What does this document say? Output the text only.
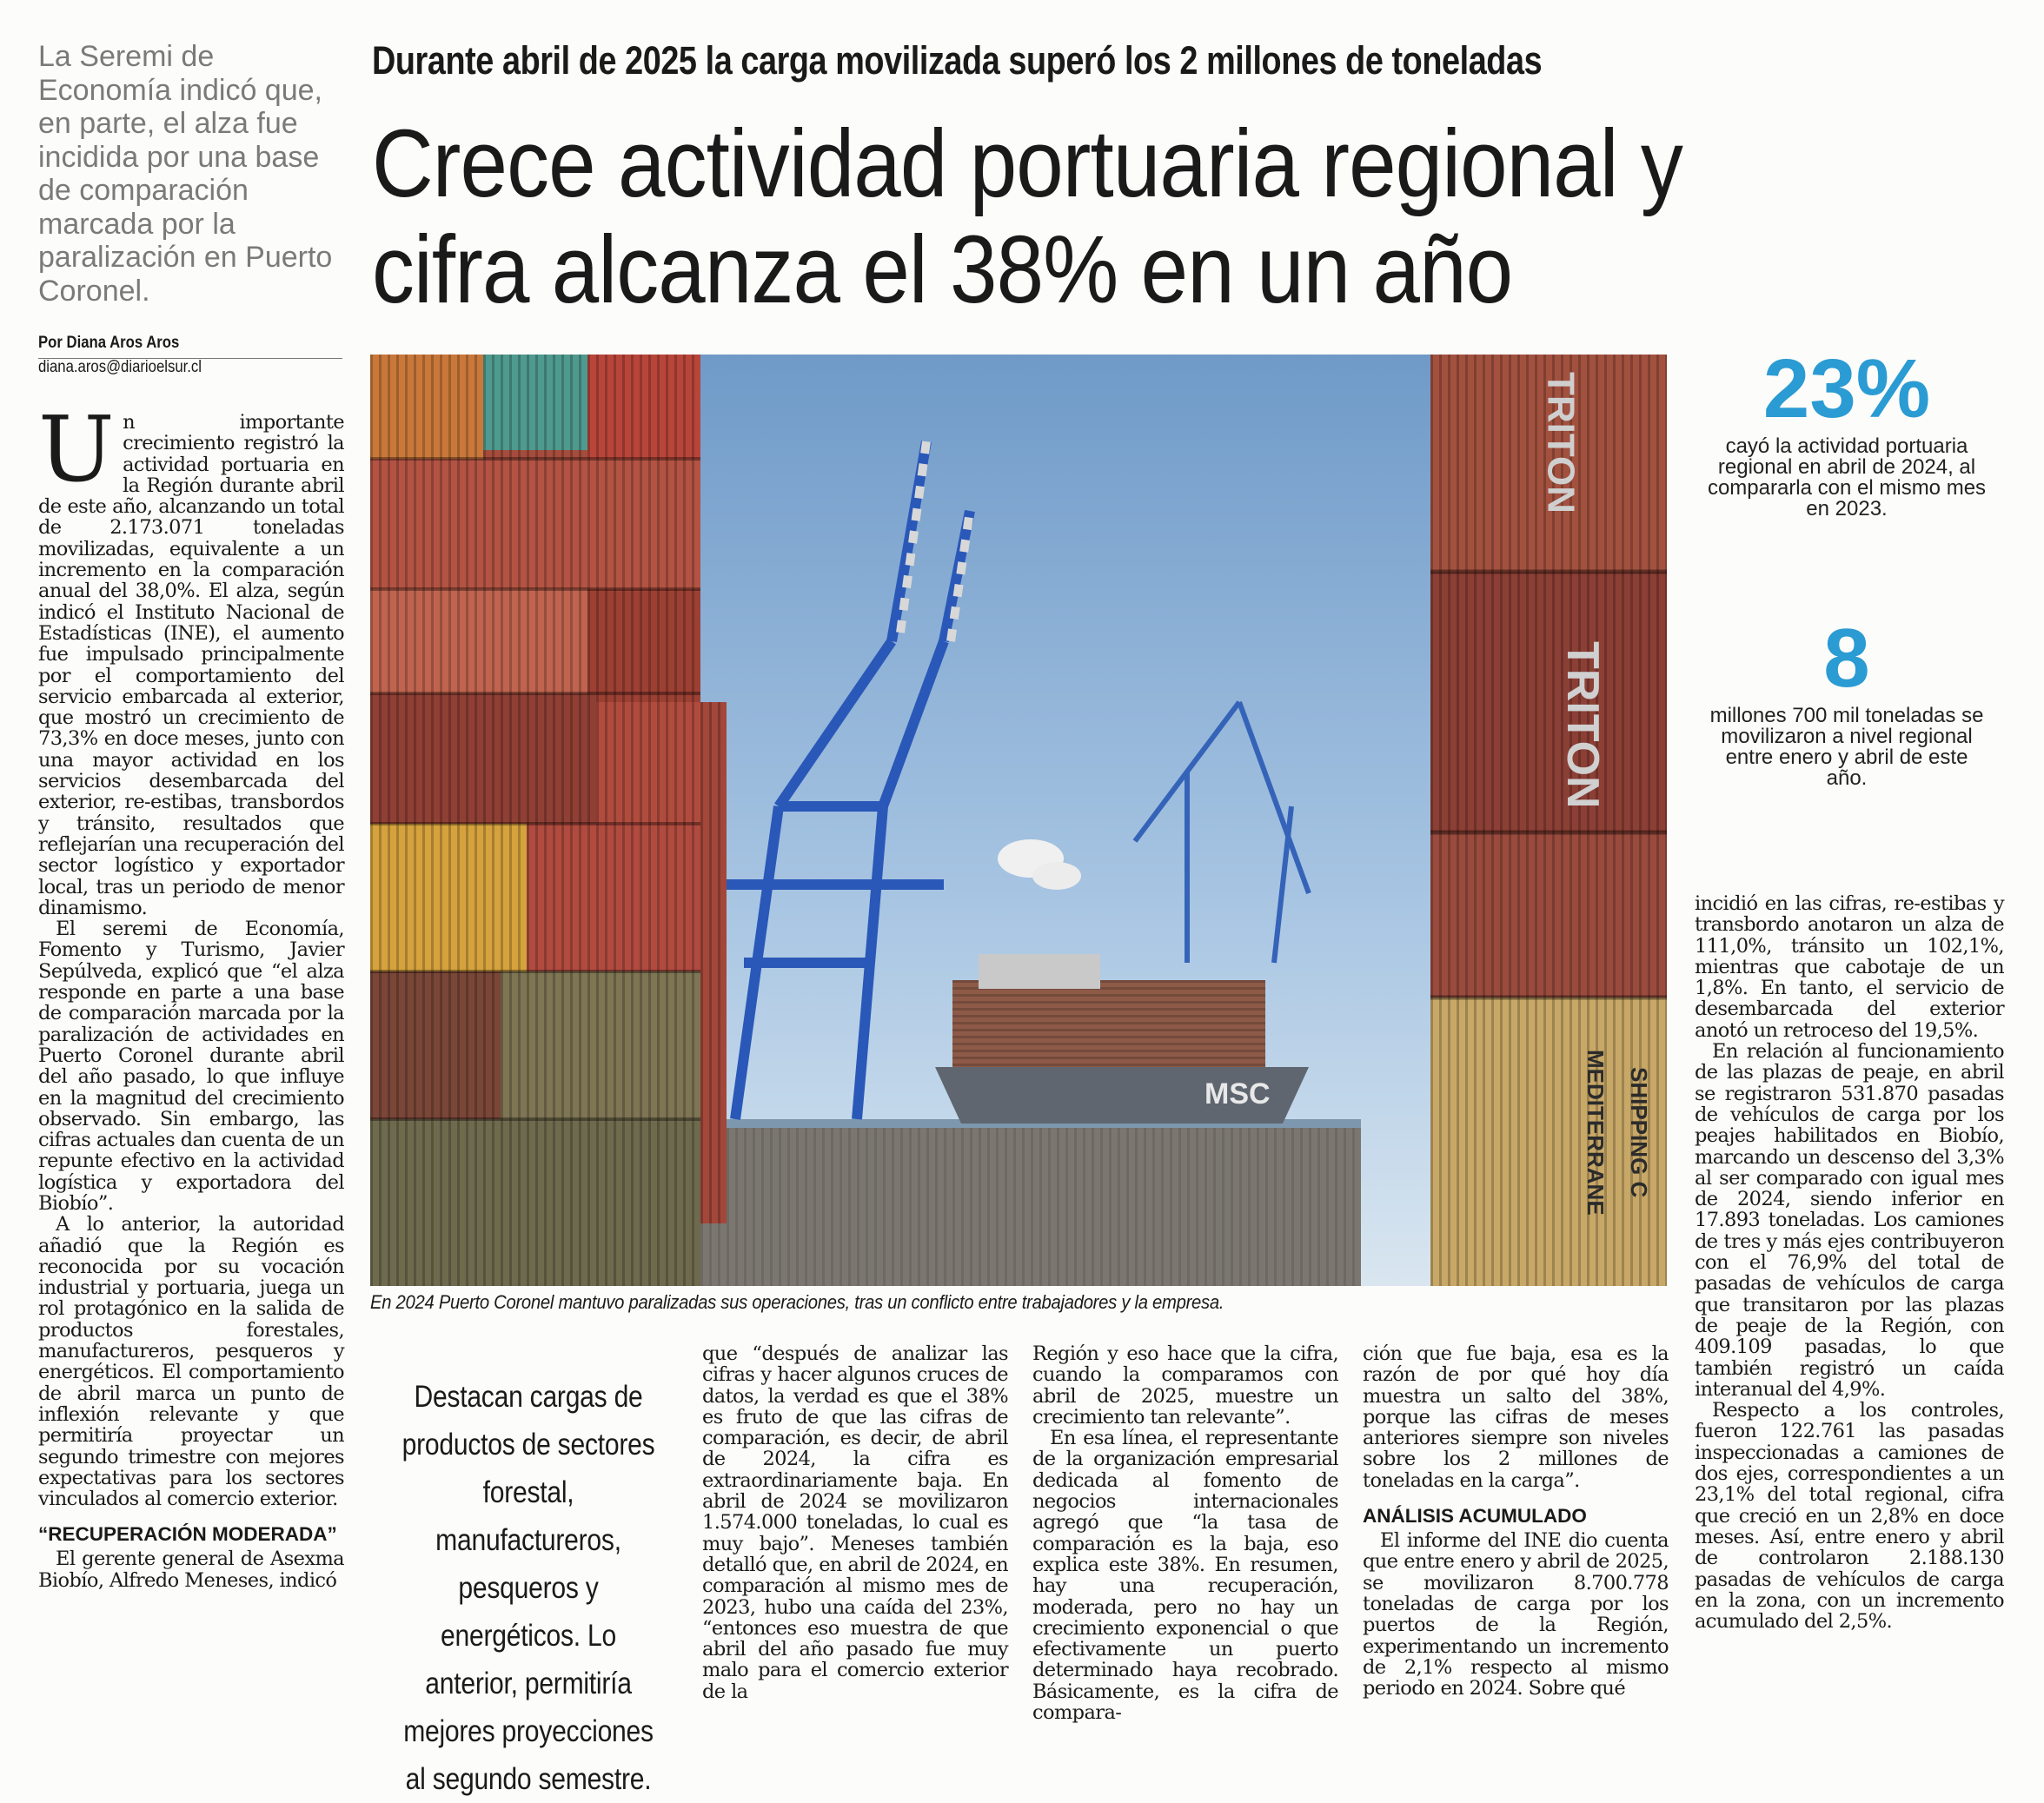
La Seremi de Economía indicó que, en parte, el alza fue incidida por una base de comparación marcada por la paralización en Puerto Coronel.
Por Diana Aros Aros
diana.aros@diarioelsur.cl
Durante abril de 2025 la carga movilizada superó los 2 millones de toneladas
Crece actividad portuaria regional y
cifra alcanza el 38% en un año

Un importante crecimiento registró la actividad portuaria en la Región durante abril de este año, alcanzando un total de 2.173.071 toneladas movilizadas, equivalente a un incremento en la comparación anual del 38,0%. El alza, según indicó el Instituto Nacional de Estadísticas (INE), el aumento fue impulsado principalmente por el comportamiento del servicio embarcada al exterior, que mostró un crecimiento de 73,3% en doce meses, junto con una mayor actividad en los servicios desembarcada del exterior, re-estibas, transbordos y tránsito, resultados que reflejarían una recuperación del sector logístico y exportador local, tras un periodo de menor dinamismo.

El seremi de Economía, Fomento y Turismo, Javier Sepúlveda, explicó que “el alza responde en parte a una base de comparación marcada por la paralización de actividades en Puerto Coronel durante abril del año pasado, lo que influye en la magnitud del crecimiento observado. Sin embargo, las cifras actuales dan cuenta de un repunte efectivo en la actividad logística y exportadora del Biobío”.

A lo anterior, la autoridad añadió que la Región es reconocida por su vocación industrial y portuaria, juega un rol protagónico en la salida de productos forestales, manufactureros, pesqueros y energéticos. El comportamiento de abril marca un punto de inflexión relevante y que permitiría proyectar un segundo trimestre con mejores expectativas para los sectores vinculados al comercio exterior.

“RECUPERACIÓN MODERADA”

El gerente general de Asexma Biobío, Alfredo Meneses, indicó

MSC
TRITON
TRITON
MEDITERRANE SHIPPING C
En 2024 Puerto Coronel mantuvo paralizadas sus operaciones, tras un conflicto entre trabajadores y la empresa.
23%
cayó la actividad portuaria regional en abril de 2024, al compararla con el mismo mes en 2023.
8
millones 700 mil toneladas se movilizaron a nivel regional entre enero y abril de este año.
Destacan cargas de productos de sectores forestal, manufactureros, pesqueros y energéticos. Lo anterior, permitiría mejores proyecciones al segundo semestre.

que “después de analizar las cifras y hacer algunos cruces de datos, la verdad es que el 38% es fruto de que las cifras de comparación, es decir, de abril de 2024, la cifra es extraordinariamente baja. En abril de 2024 se movilizaron 1.574.000 toneladas, lo cual es muy bajo”. Meneses también detalló que, en abril de 2024, en comparación al mismo mes de 2023, hubo una caída del 23%, “entonces eso muestra de que abril del año pasado fue muy malo para el comercio exterior de la

Región y eso hace que la cifra, cuando la comparamos con abril de 2025, muestre un crecimiento tan relevante”.

En esa línea, el representante de la organización empresarial dedicada al fomento de negocios internacionales agregó que “la tasa de comparación es la baja, eso explica este 38%. En resumen, hay una recuperación, moderada, pero no hay un crecimiento exponencial o que efectivamente un puerto determinado haya recobrado. Básicamente, es la cifra de compara-

ción que fue baja, esa es la razón de por qué hoy día muestra un salto del 38%, porque las cifras de meses anteriores siempre son niveles sobre los 2 millones de toneladas en la carga”.

ANÁLISIS ACUMULADO

El informe del INE dio cuenta que entre enero y abril de 2025, se movilizaron 8.700.778 toneladas de carga por los puertos de la Región, experimentando un incremento de 2,1% respecto al mismo periodo en 2024. Sobre qué

incidió en las cifras, re-estibas y transbordo anotaron un alza de 111,0%, tránsito un 102,1%, mientras que cabotaje de un 1,8%. En tanto, el servicio de desembarcada del exterior anotó un retroceso del 19,5%.

En relación al funcionamiento de las plazas de peaje, en abril se registraron 531.870 pasadas de vehículos de carga por los peajes habilitados en Biobío, marcando un descenso del 3,3% al ser comparado con igual mes de 2024, siendo inferior en 17.893 toneladas. Los camiones de tres y más ejes contribuyeron con el 76,9% del total de pasadas de vehículos de carga que transitaron por las plazas de peaje de la Región, con 409.109 pasadas, lo que también registró un caída interanual del 4,9%.

Respecto a los controles, fueron 122.761 las pasadas inspeccionadas a camiones de dos ejes, correspondientes a un 23,1% del total regional, cifra que creció en un 2,8% en doce meses. Así, entre enero y abril de controlaron 2.188.130 pasadas de vehículos de carga en la zona, con un incremento acumulado del 2,5%.
